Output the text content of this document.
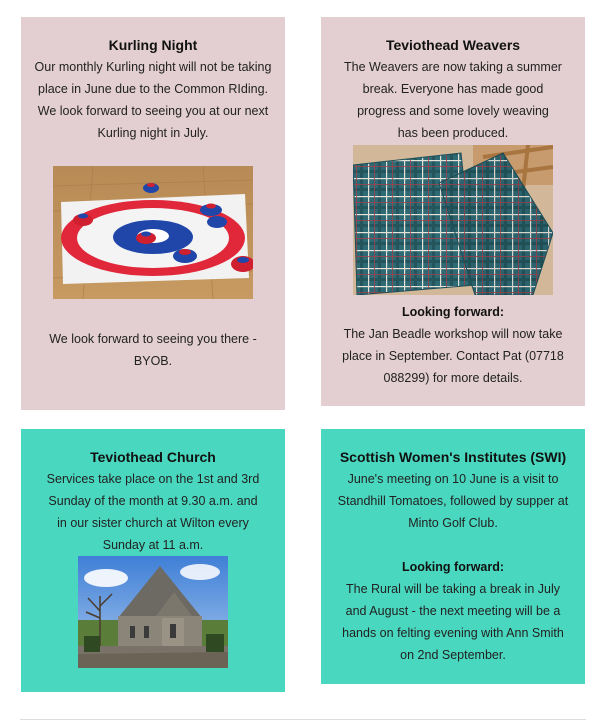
Kurling Night

Our monthly Kurling night will not be taking

place in June due to the Common RIding.

We look forward to seeing you at our next

Kurling night in July.

We look forward to seeing you there -

BYOB.

Teviothead Weavers

The Weavers are now taking a summer

break. Everyone has made good

progress and some lovely weaving

has been produced.

Looking forward:

The Jan Beadle workshop will now take

place in September. Contact Pat (07718

088299) for more details.

Teviothead Church

Services take place on the 1st and 3rd

Sunday of the month at 9.30 a.m. and

in our sister church at Wilton every

Sunday at 11 a.m.

Scottish Women's Institutes (SWI)

June's meeting on 10 June is a visit to

Standhill Tomatoes, followed by supper at

Minto Golf Club.

Looking forward:

The Rural will be taking a break in July

and August - the next meeting will be a

hands on felting evening with Ann Smith

on 2nd September.
